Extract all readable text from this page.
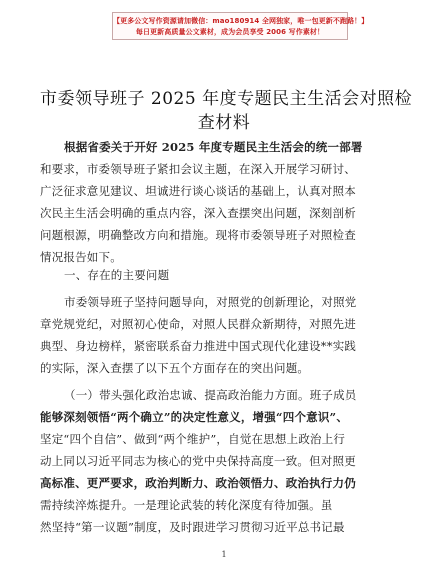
【更多公文写作资源请加微信：mao180914 全网独家，唯一包更新不跑路！】
每日更新高质量公文素材，成为会员享受 2006 写作素材！
市委领导班子 2025 年度专题民主生活会对照检
查材料
根据省委关于开好 2025 年度专题民主生活会的统一部署
和要求，市委领导班子紧扣会议主题，在深入开展学习研讨、
广泛征求意见建议、坦诚进行谈心谈话的基础上，认真对照本
次民主生活会明确的重点内容，深入查摆突出问题，深刻剖析
问题根源，明确整改方向和措施。现将市委领导班子对照检查
情况报告如下。
一、存在的主要问题
市委领导班子坚持问题导向，对照党的创新理论，对照党
章党规党纪，对照初心使命，对照人民群众新期待，对照先进
典型、身边榜样，紧密联系奋力推进中国式现代化建设**实践
的实际，深入查摆了以下五个方面存在的突出问题。
（一）带头强化政治忠诚、提高政治能力方面。班子成员
能够深刻领悟“两个确立”的决定性意义，增强“四个意识”、
坚定“四个自信”、做到“两个维护”，自觉在思想上政治上行
动上同以习近平同志为核心的党中央保持高度一致。但对照更
高标准、更严要求，政治判断力、政治领悟力、政治执行力仍
需持续淬炼提升。一是理论武装的转化深度有待加强。虽
然坚持“第一议题”制度，及时跟进学习贯彻习近平总书记最
1
